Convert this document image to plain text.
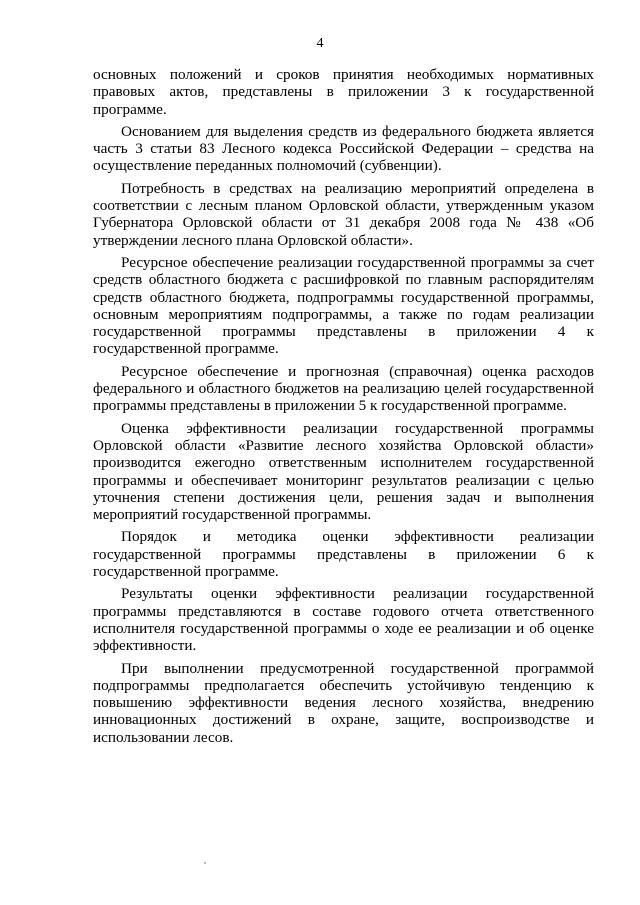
4

основных положений и сроков принятия необходимых нормативных правовых актов, представлены в приложении 3 к государственной программе.

Основанием для выделения средств из федерального бюджета является часть 3 статьи 83 Лесного кодекса Российской Федерации – средства на осуществление переданных полномочий (субвенции).

Потребность в средствах на реализацию мероприятий определена в соответствии с лесным планом Орловской области, утвержденным указом Губернатора Орловской области от 31 декабря 2008 года № 438 «Об утверждении лесного плана Орловской области».

Ресурсное обеспечение реализации государственной программы за счет средств областного бюджета с расшифровкой по главным распорядителям средств областного бюджета, подпрограммы государственной программы, основным мероприятиям подпрограммы, а также по годам реализации государственной программы представлены в приложении 4 к государственной программе.

Ресурсное обеспечение и прогнозная (справочная) оценка расходов федерального и областного бюджетов на реализацию целей государственной программы представлены в приложении 5 к государственной программе.

Оценка эффективности реализации государственной программы Орловской области «Развитие лесного хозяйства Орловской области» производится ежегодно ответственным исполнителем государственной программы и обеспечивает мониторинг результатов реализации с целью уточнения степени достижения цели, решения задач и выполнения мероприятий государственной программы.

Порядок и методика оценки эффективности реализации государственной программы представлены в приложении 6 к государственной программе.

Результаты оценки эффективности реализации государственной программы представляются в составе годового отчета ответственного исполнителя государственной программы о ходе ее реализации и об оценке эффективности.

При выполнении предусмотренной государственной программой подпрограммы предполагается обеспечить устойчивую тенденцию к повышению эффективности ведения лесного хозяйства, внедрению инновационных достижений в охране, защите, воспроизводстве и использовании лесов.
